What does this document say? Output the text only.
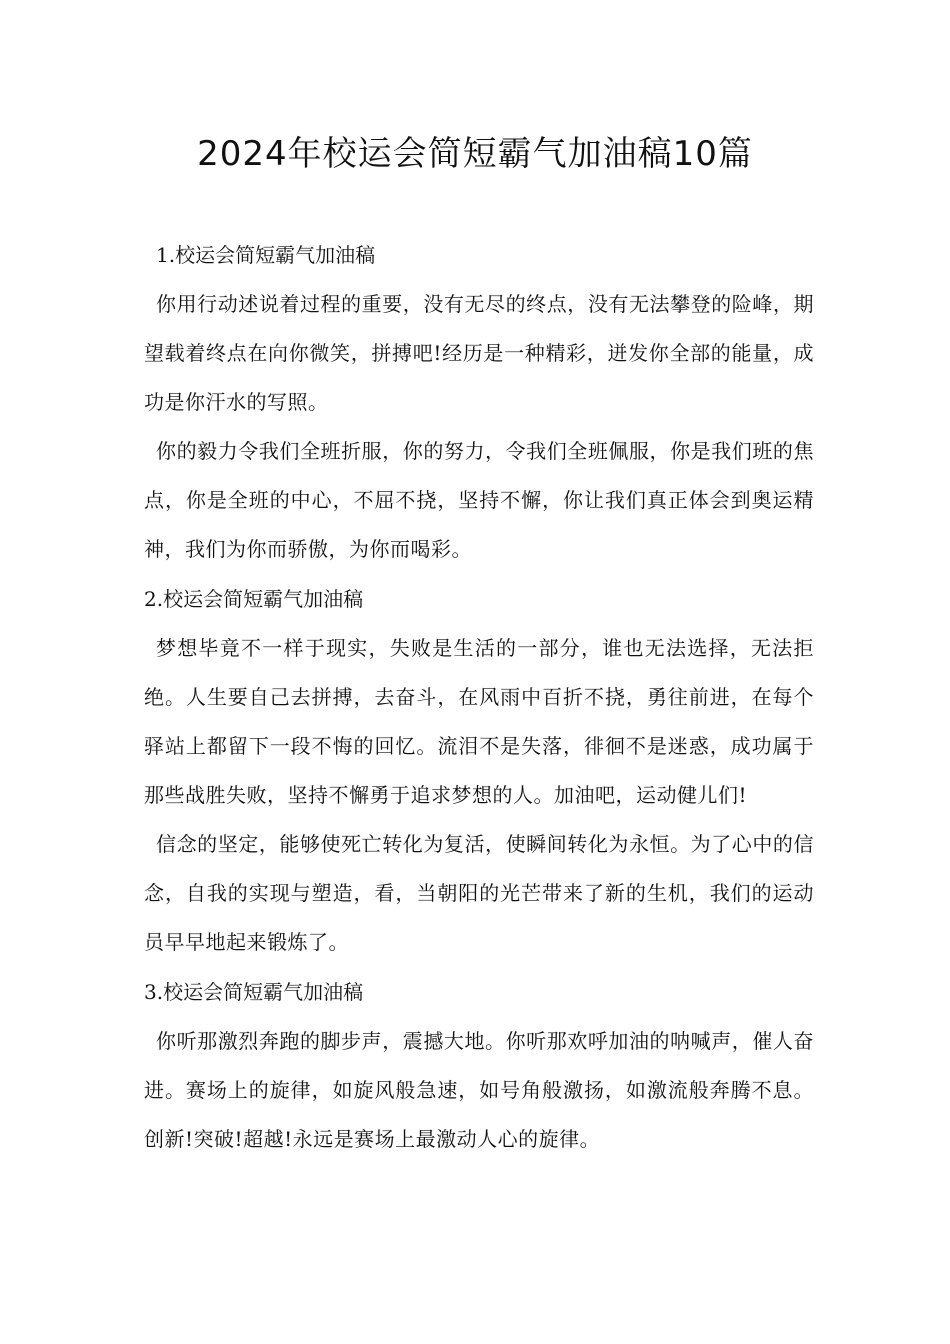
2024年校运会简短霸气加油稿10篇
1.校运会简短霸气加油稿

你用行动述说着过程的重要，没有无尽的终点，没有无法攀登的险峰，期望载着终点在向你微笑，拼搏吧!经历是一种精彩，迸发你全部的能量，成功是你汗水的写照。

你的毅力令我们全班折服，你的努力，令我们全班佩服，你是我们班的焦点，你是全班的中心，不屈不挠，坚持不懈，你让我们真正体会到奥运精神，我们为你而骄傲，为你而喝彩。

2.校运会简短霸气加油稿

梦想毕竟不一样于现实，失败是生活的一部分，谁也无法选择，无法拒绝。人生要自己去拼搏，去奋斗，在风雨中百折不挠，勇往前进，在每个驿站上都留下一段不悔的回忆。流泪不是失落，徘徊不是迷惑，成功属于那些战胜失败，坚持不懈勇于追求梦想的人。加油吧，运动健儿们!

信念的坚定，能够使死亡转化为复活，使瞬间转化为永恒。为了心中的信念，自我的实现与塑造，看，当朝阳的光芒带来了新的生机，我们的运动员早早地起来锻炼了。

3.校运会简短霸气加油稿

你听那激烈奔跑的脚步声，震撼大地。你听那欢呼加油的呐喊声，催人奋进。赛场上的旋律，如旋风般急速，如号角般激扬，如激流般奔腾不息。创新!突破!超越!永远是赛场上最激动人心的旋律。
